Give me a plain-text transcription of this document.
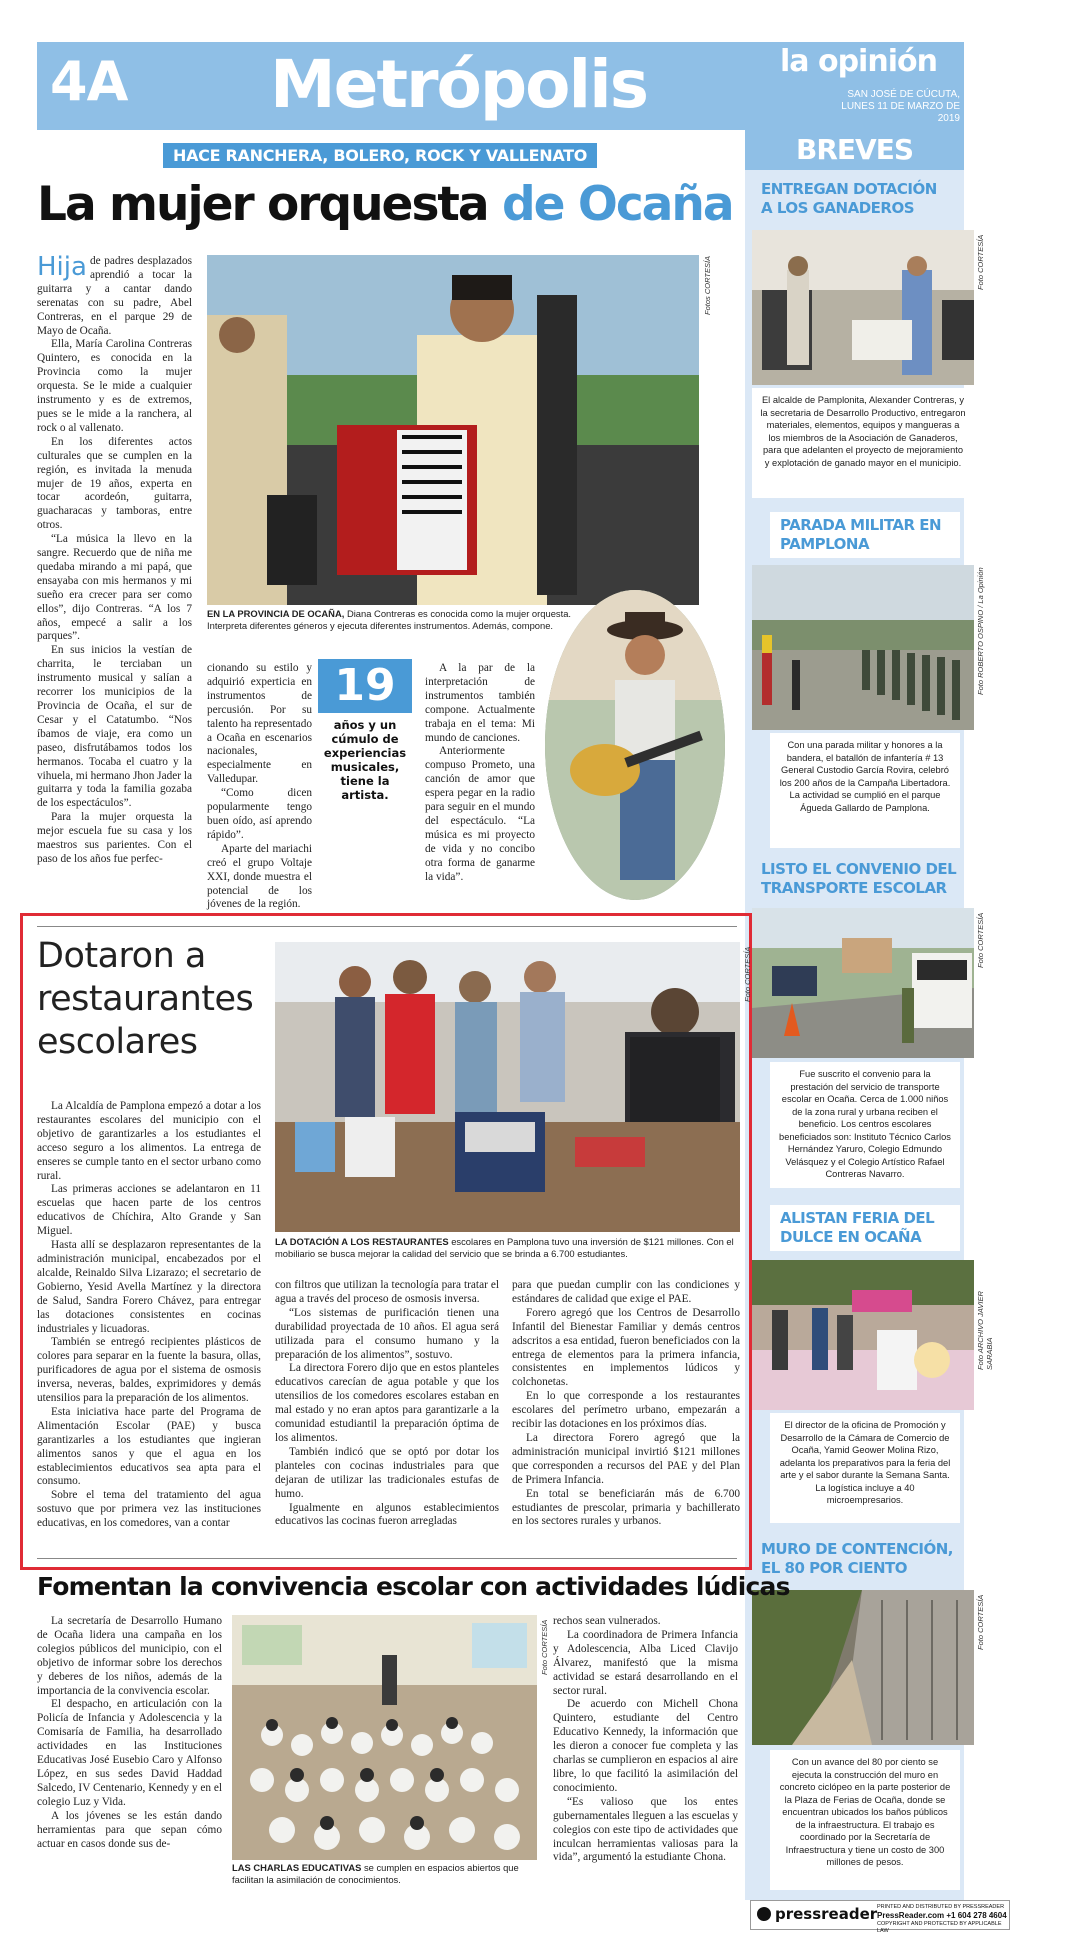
4A Metrópolis	la opinión
SAN JOSÉ DE CÚCUTA,
LUNES 11 DE MARZO DE 2019
BREVES
ENTREGAN DOTACIÓN A LOS GANADEROS
Foto CORTESÍA
El alcalde de Pamplonita, Alexander Contreras, y la secretaria de Desarrollo Productivo, entregaron materiales, elementos, equipos y mangueras a los miembros de la Asociación de Ganaderos, para que adelanten el proyecto de mejoramiento y explotación de ganado mayor en el municipio.
PARADA MILITAR EN PAMPLONA
Foto ROBERTO OSPINO / La Opinión
Con una parada militar y honores a la bandera, el batallón de infantería # 13 General Custodio García Rovira, celebró los 200 años de la Campaña Libertadora. La actividad se cumplió en el parque Águeda Gallardo de Pamplona.
LISTO EL CONVENIO DEL TRANSPORTE ESCOLAR
Foto CORTESÍA
Fue suscrito el convenio para la prestación del servicio de transporte escolar en Ocaña. Cerca de 1.000 niños de la zona rural y urbana reciben el beneficio. Los centros escolares beneficiados son: Instituto Técnico Carlos Hernández Yaruro, Colegio Edmundo Velásquez y el Colegio Artístico Rafael Contreras Navarro.
ALISTAN FERIA DEL DULCE EN OCAÑA
Foto ARCHIVO JAVIER SARABIA
El director de la oficina de Promoción y Desarrollo de la Cámara de Comercio de Ocaña, Yamid Geower Molina Rizo, adelanta los preparativos para la feria del arte y el sabor durante la Semana Santa. La logística incluye a 40 microempresarios.
MURO DE CONTENCIÓN, EL 80 POR CIENTO
Foto CORTESÍA
Con un avance del 80 por ciento se ejecuta la construcción del muro en concreto ciclópeo en la parte posterior de la Plaza de Ferias de Ocaña, donde se encuentran ubicados los baños públicos de la infraestructura. El trabajo es coordinado por la Secretaría de Infraestructura y tiene un costo de 300 millones de pesos.
HACE RANCHERA, BOLERO, ROCK Y VALLENATO
La mujer orquesta de Ocaña
Fotos CORTESÍA
EN LA PROVINCIA DE OCAÑA, Diana Contreras es conocida como la mujer orquesta. Interpreta diferentes géneros y ejecuta diferentes instrumentos. Además, compone.

Hija de padres desplazados aprendió a tocar la guitarra y a cantar dando serenatas con su padre, Abel Contreras, en el parque 29 de Mayo de Ocaña.

Ella, María Carolina Contreras Quintero, es conocida en la Provincia como la mujer orquesta. Se le mide a cualquier instrumento y es de extremos, pues se le mide a la ranchera, al rock o al vallenato.

En los diferentes actos culturales que se cumplen en la región, es invitada la menuda mujer de 19 años, experta en tocar acordeón, guitarra, guacharacas y tamboras, entre otros.

“La música la llevo en la sangre. Recuerdo que de niña me quedaba mirando a mi papá, que ensayaba con mis hermanos y mi sueño era crecer para ser como ellos”, dijo Contreras. “A los 7 años, empecé a salir a los parques”.

En sus inicios la vestían de charrita, le terciaban un instrumento musical y salían a recorrer los municipios de la Provincia de Ocaña, el sur de Cesar y el Catatumbo. “Nos íbamos de viaje, era como un paseo, disfrutábamos todos los hermanos. Tocaba el cuatro y la vihuela, mi hermano Jhon Jader la guitarra y toda la familia gozaba de los espectáculos”.

Para la mujer orquesta la mejor escuela fue su casa y los maestros sus parientes. Con el paso de los años fue perfec-

cionando su estilo y adquirió experticia en instrumentos de percusión. Por su talento ha representado a Ocaña en escenarios nacionales, especialmente en Valledupar.

“Como dicen popularmente tengo buen oído, así aprendo rápido”.

Aparte del mariachi creó el grupo Voltaje XXI, donde muestra el potencial de los jóvenes de la región.

19
años y un cúmulo de experiencias musicales, tiene la artista.

A la par de la interpretación de instrumentos también compone. Actualmente trabaja en el tema: Mi mundo de canciones.

Anteriormente compuso Prometo, una canción de amor que espera pegar en la radio para seguir en el mundo del espectáculo. “La música es mi proyecto de vida y no concibo otra forma de ganarme la vida”.

Dotaron a
restaurantes
escolares
Foto CORTESÍA
LA DOTACIÓN A LOS RESTAURANTES escolares en Pamplona tuvo una inversión de $121 millones. Con el mobiliario se busca mejorar la calidad del servicio que se brinda a 6.700 estudiantes.

La Alcaldía de Pamplona empezó a dotar a los restaurantes escolares del municipio con el objetivo de garantizarles a los estudiantes el acceso seguro a los alimentos. La entrega de enseres se cumple tanto en el sector urbano como rural.

Las primeras acciones se adelantaron en 11 escuelas que hacen parte de los centros educativos de Chíchira, Alto Grande y San Miguel.

Hasta allí se desplazaron representantes de la administración municipal, encabezados por el alcalde, Reinaldo Silva Lizarazo; el secretario de Gobierno, Yesid Avella Martínez y la directora de Salud, Sandra Forero Chávez, para entregar las dotaciones consistentes en cocinas industriales y licuadoras.

También se entregó recipientes plásticos de colores para separar en la fuente la basura, ollas, purificadores de agua por el sistema de osmosis inversa, neveras, baldes, exprimidores y demás utensilios para la preparación de los alimentos.

Esta iniciativa hace parte del Programa de Alimentación Escolar (PAE) y busca garantizarles a los estudiantes que ingieran alimentos sanos y que el agua en los establecimientos educativos sea apta para el consumo.

Sobre el tema del tratamiento del agua sostuvo que por primera vez las instituciones educativas, en los comedores, van a contar

con filtros que utilizan la tecnología para tratar el agua a través del proceso de osmosis inversa.

“Los sistemas de purificación tienen una durabilidad proyectada de 10 años. El agua será utilizada para el consumo humano y la preparación de los alimentos”, sostuvo.

La directora Forero dijo que en estos planteles educativos carecían de agua potable y que los utensilios de los comedores escolares estaban en mal estado y no eran aptos para garantizarle a la comunidad estudiantil la preparación óptima de los alimentos.

También indicó que se optó por dotar los planteles con cocinas industriales para que dejaran de utilizar las tradicionales estufas de humo.

Igualmente en algunos establecimientos educativos las cocinas fueron arregladas

para que puedan cumplir con las condiciones y estándares de calidad que exige el PAE.

Forero agregó que los Centros de Desarrollo Infantil del Bienestar Familiar y demás centros adscritos a esa entidad, fueron beneficiados con la entrega de elementos para la primera infancia, consistentes en implementos lúdicos y colchonetas.

En lo que corresponde a los restaurantes escolares del perímetro urbano, empezarán a recibir las dotaciones en los próximos días.

La directora Forero agregó que la administración municipal invirtió $121 millones que corresponden a recursos del PAE y del Plan de Primera Infancia.

En total se beneficiarán más de 6.700 estudiantes de prescolar, primaria y bachillerato en los sectores rurales y urbanos.

Fomentan la convivencia escolar con actividades lúdicas

La secretaría de Desarrollo Humano de Ocaña lidera una campaña en los colegios públicos del municipio, con el objetivo de informar sobre los derechos y deberes de los niños, además de la importancia de la convivencia escolar.

El despacho, en articulación con la Policía de Infancia y Adolescencia y la Comisaría de Familia, ha desarrollado actividades en las Instituciones Educativas José Eusebio Caro y Alfonso López, en sus sedes David Haddad Salcedo, IV Centenario, Kennedy y en el colegio Luz y Vida.

A los jóvenes se les están dando herramientas para que sepan cómo actuar en casos donde sus de-

Foto CORTESÍA
LAS CHARLAS EDUCATIVAS se cumplen en espacios abiertos que facilitan la asimilación de conocimientos.

rechos sean vulnerados.

La coordinadora de Primera Infancia y Adolescencia, Alba Liced Clavijo Álvarez, manifestó que la misma actividad se estará desarrollando en el sector rural.

De acuerdo con Michell Chona Quintero, estudiante del Centro Educativo Kennedy, la información que les dieron a conocer fue completa y las charlas se cumplieron en espacios al aire libre, lo que facilitó la asimilación del conocimiento.

“Es valioso que los entes gubernamentales lleguen a las escuelas y colegios con este tipo de actividades que inculcan herramientas valiosas para la vida”, argumentó la estudiante Chona.

pressreader PRINTED AND DISTRIBUTED BY PRESSREADER
PressReader.com +1 604 278 4604
COPYRIGHT AND PROTECTED BY APPLICABLE LAW
